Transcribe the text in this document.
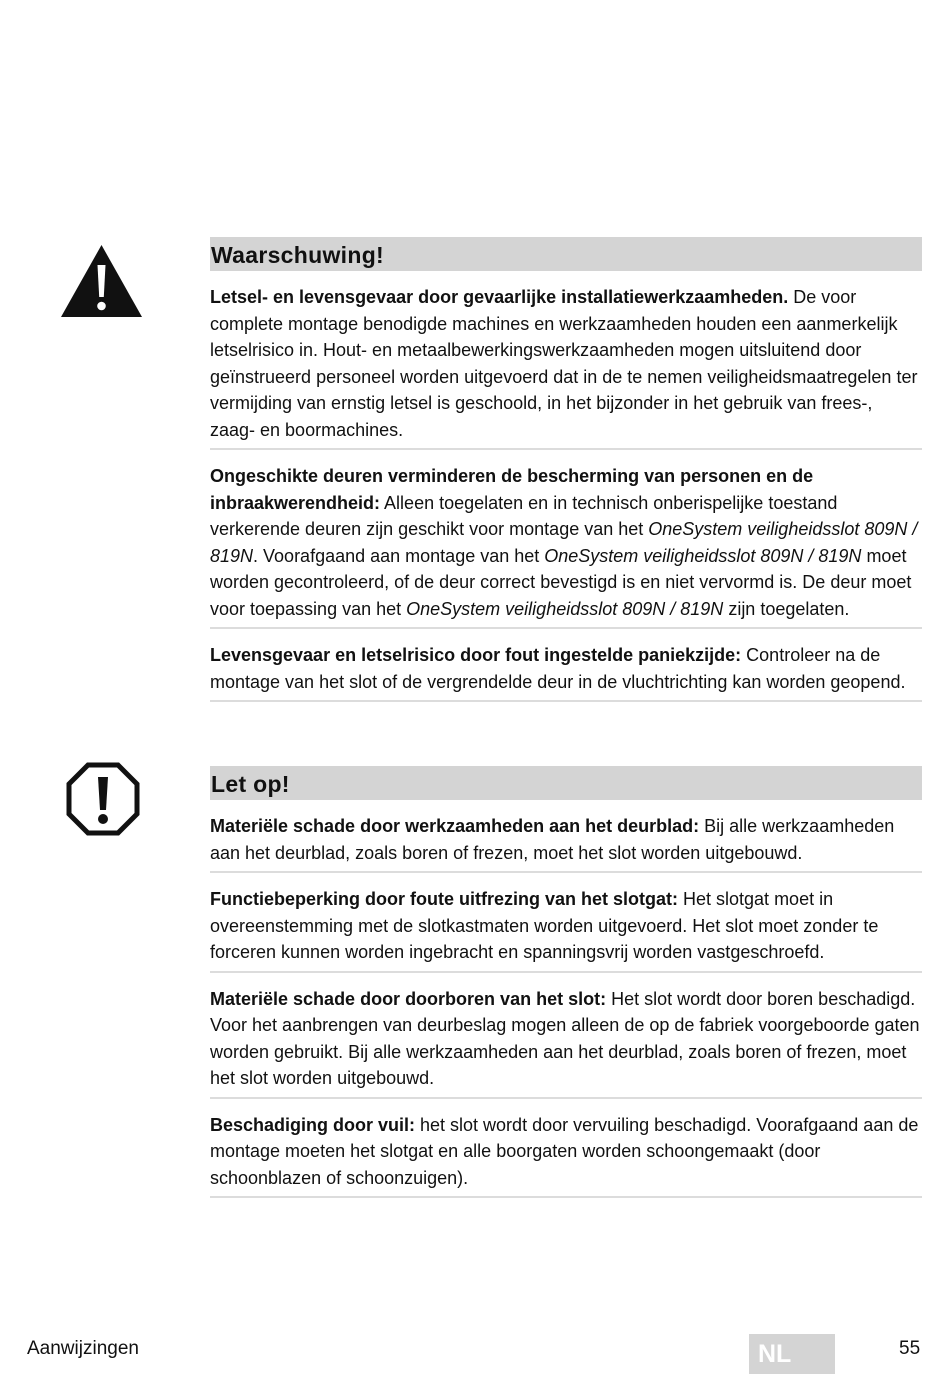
Waarschuwing!

Letsel- en levensgevaar door gevaarlijke installatiewerkzaamheden. De voor complete montage benodigde machines en werkzaamheden houden een aanmerkelijk letselrisico in. Hout- en metaalbewerkingswerkzaamheden mogen uitsluitend door geïnstrueerd personeel worden uitgevoerd dat in de te nemen veiligheidsmaatregelen ter vermijding van ernstig letsel is geschoold, in het bijzonder in het gebruik van frees-, zaag- en boormachines.

Ongeschikte deuren verminderen de bescherming van personen en de inbraakwerendheid: Alleen toegelaten en in technisch onberispelijke toestand verkerende deuren zijn geschikt voor montage van het OneSystem veiligheidsslot 809N / 819N. Voorafgaand aan montage van het OneSystem veiligheidsslot 809N / 819N moet worden gecontroleerd, of de deur correct bevestigd is en niet vervormd is. De deur moet voor toepassing van het OneSystem veiligheidsslot 809N / 819N zijn toegelaten.

Levensgevaar en letselrisico door fout ingestelde paniekzijde: Controleer na de montage van het slot of de vergrendelde deur in de vluchtrichting kan worden geopend.

Let op!

Materiële schade door werkzaamheden aan het deurblad: Bij alle werkzaamheden aan het deurblad, zoals boren of frezen, moet het slot worden uitgebouwd.

Functiebeperking door foute uitfrezing van het slotgat: Het slotgat moet in overeenstemming met de slotkastmaten worden uitgevoerd. Het slot moet zonder te forceren kunnen worden ingebracht en spanningsvrij worden vastgeschroefd.

Materiële schade door doorboren van het slot: Het slot wordt door boren beschadigd. Voor het aanbrengen van deurbeslag mogen alleen de op de fabriek voorgeboorde gaten worden gebruikt. Bij alle werkzaamheden aan het deurblad, zoals boren of frezen, moet het slot worden uitgebouwd.

Beschadiging door vuil: het slot wordt door vervuiling beschadigd. Voorafgaand aan de montage moeten het slotgat en alle boorgaten worden schoongemaakt (door schoonblazen of schoonzuigen).

Aanwijzingen	NL	55
